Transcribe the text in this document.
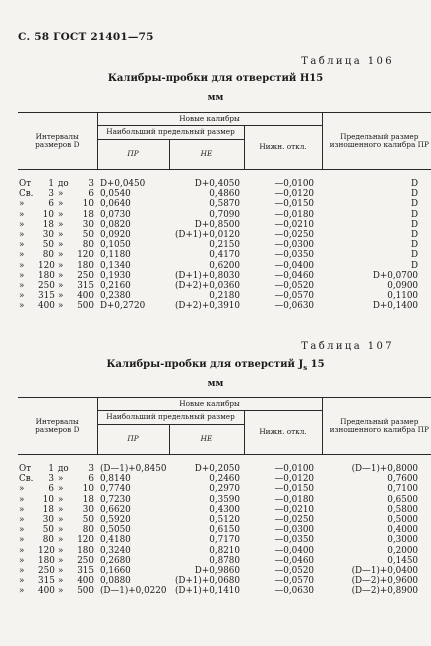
С. 58 ГОСТ 21401—75
Таблица 106
Калибры-пробки для отверстий H15
мм
Интервалы размеров D				Новые калибры			Предельный размер изношенного калибра ПР
				Наибольший предельный размер		Нижн. откл.	
				ПР	НЕ		
От	1	до	3	D+0,0450	D+0,4050	—0,0100	D
Св.	3	»	6	0,0540	0,4860	—0,0120	D
»	6	»	10	0,0640	0,5870	—0,0150	D
»	10	»	18	0,0730	0,7090	—0,0180	D
»	18	»	30	0,0820	D+0,8500	—0,0210	D
»	30	»	50	0,0920	(D+1)+0,0120	—0,0250	D
»	50	»	80	0,1050	0,2150	—0,0300	D
»	80	»	120	0,1180	0,4170	—0,0350	D
»	120	»	180	0,1340	0,6200	—0,0400	D
»	180	»	250	0,1930	(D+1)+0,8030	—0,0460	D+0,0700
»	250	»	315	0,2160	(D+2)+0,0360	—0,0520	0,0900
»	315	»	400	0,2380	0,2180	—0,0570	0,1100
»	400	»	500	D+0,2720	(D+2)+0,3910	—0,0630	D+0,1400
Таблица 107
Калибры-пробки для отверстий $J_s$ 15
мм
Интервалы размеров D				Новые калибры			Предельный размер изношенного калибра ПР
				Наибольший предельный размер		Нижн. откл.	
				ПР	НЕ		
От	1	до	3	(D—1)+0,8450	D+0,2050	—0,0100	(D—1)+0,8000
Св.	3	»	6	0,8140	0,2460	—0,0120	0,7600
»	6	»	10	0,7740	0,2970	—0,0150	0,7100
»	10	»	18	0,7230	0,3590	—0,0180	0,6500
»	18	»	30	0,6620	0,4300	—0,0210	0,5800
»	30	»	50	0,5920	0,5120	—0,0250	0,5000
»	50	»	80	0,5050	0,6150	—0,0300	0,4000
»	80	»	120	0,4180	0,7170	—0,0350	0,3000
»	120	»	180	0,3240	0,8210	—0,0400	0,2000
»	180	»	250	0,2680	0,8780	—0,0460	0,1450
»	250	»	315	0,1660	D+0,9860	—0,0520	(D—1)+0,0400
»	315	»	400	0,0880	(D+1)+0,0680	—0,0570	(D—2)+0,9600
»	400	»	500	(D—1)+0,0220	(D+1)+0,1410	—0,0630	(D—2)+0,8900
